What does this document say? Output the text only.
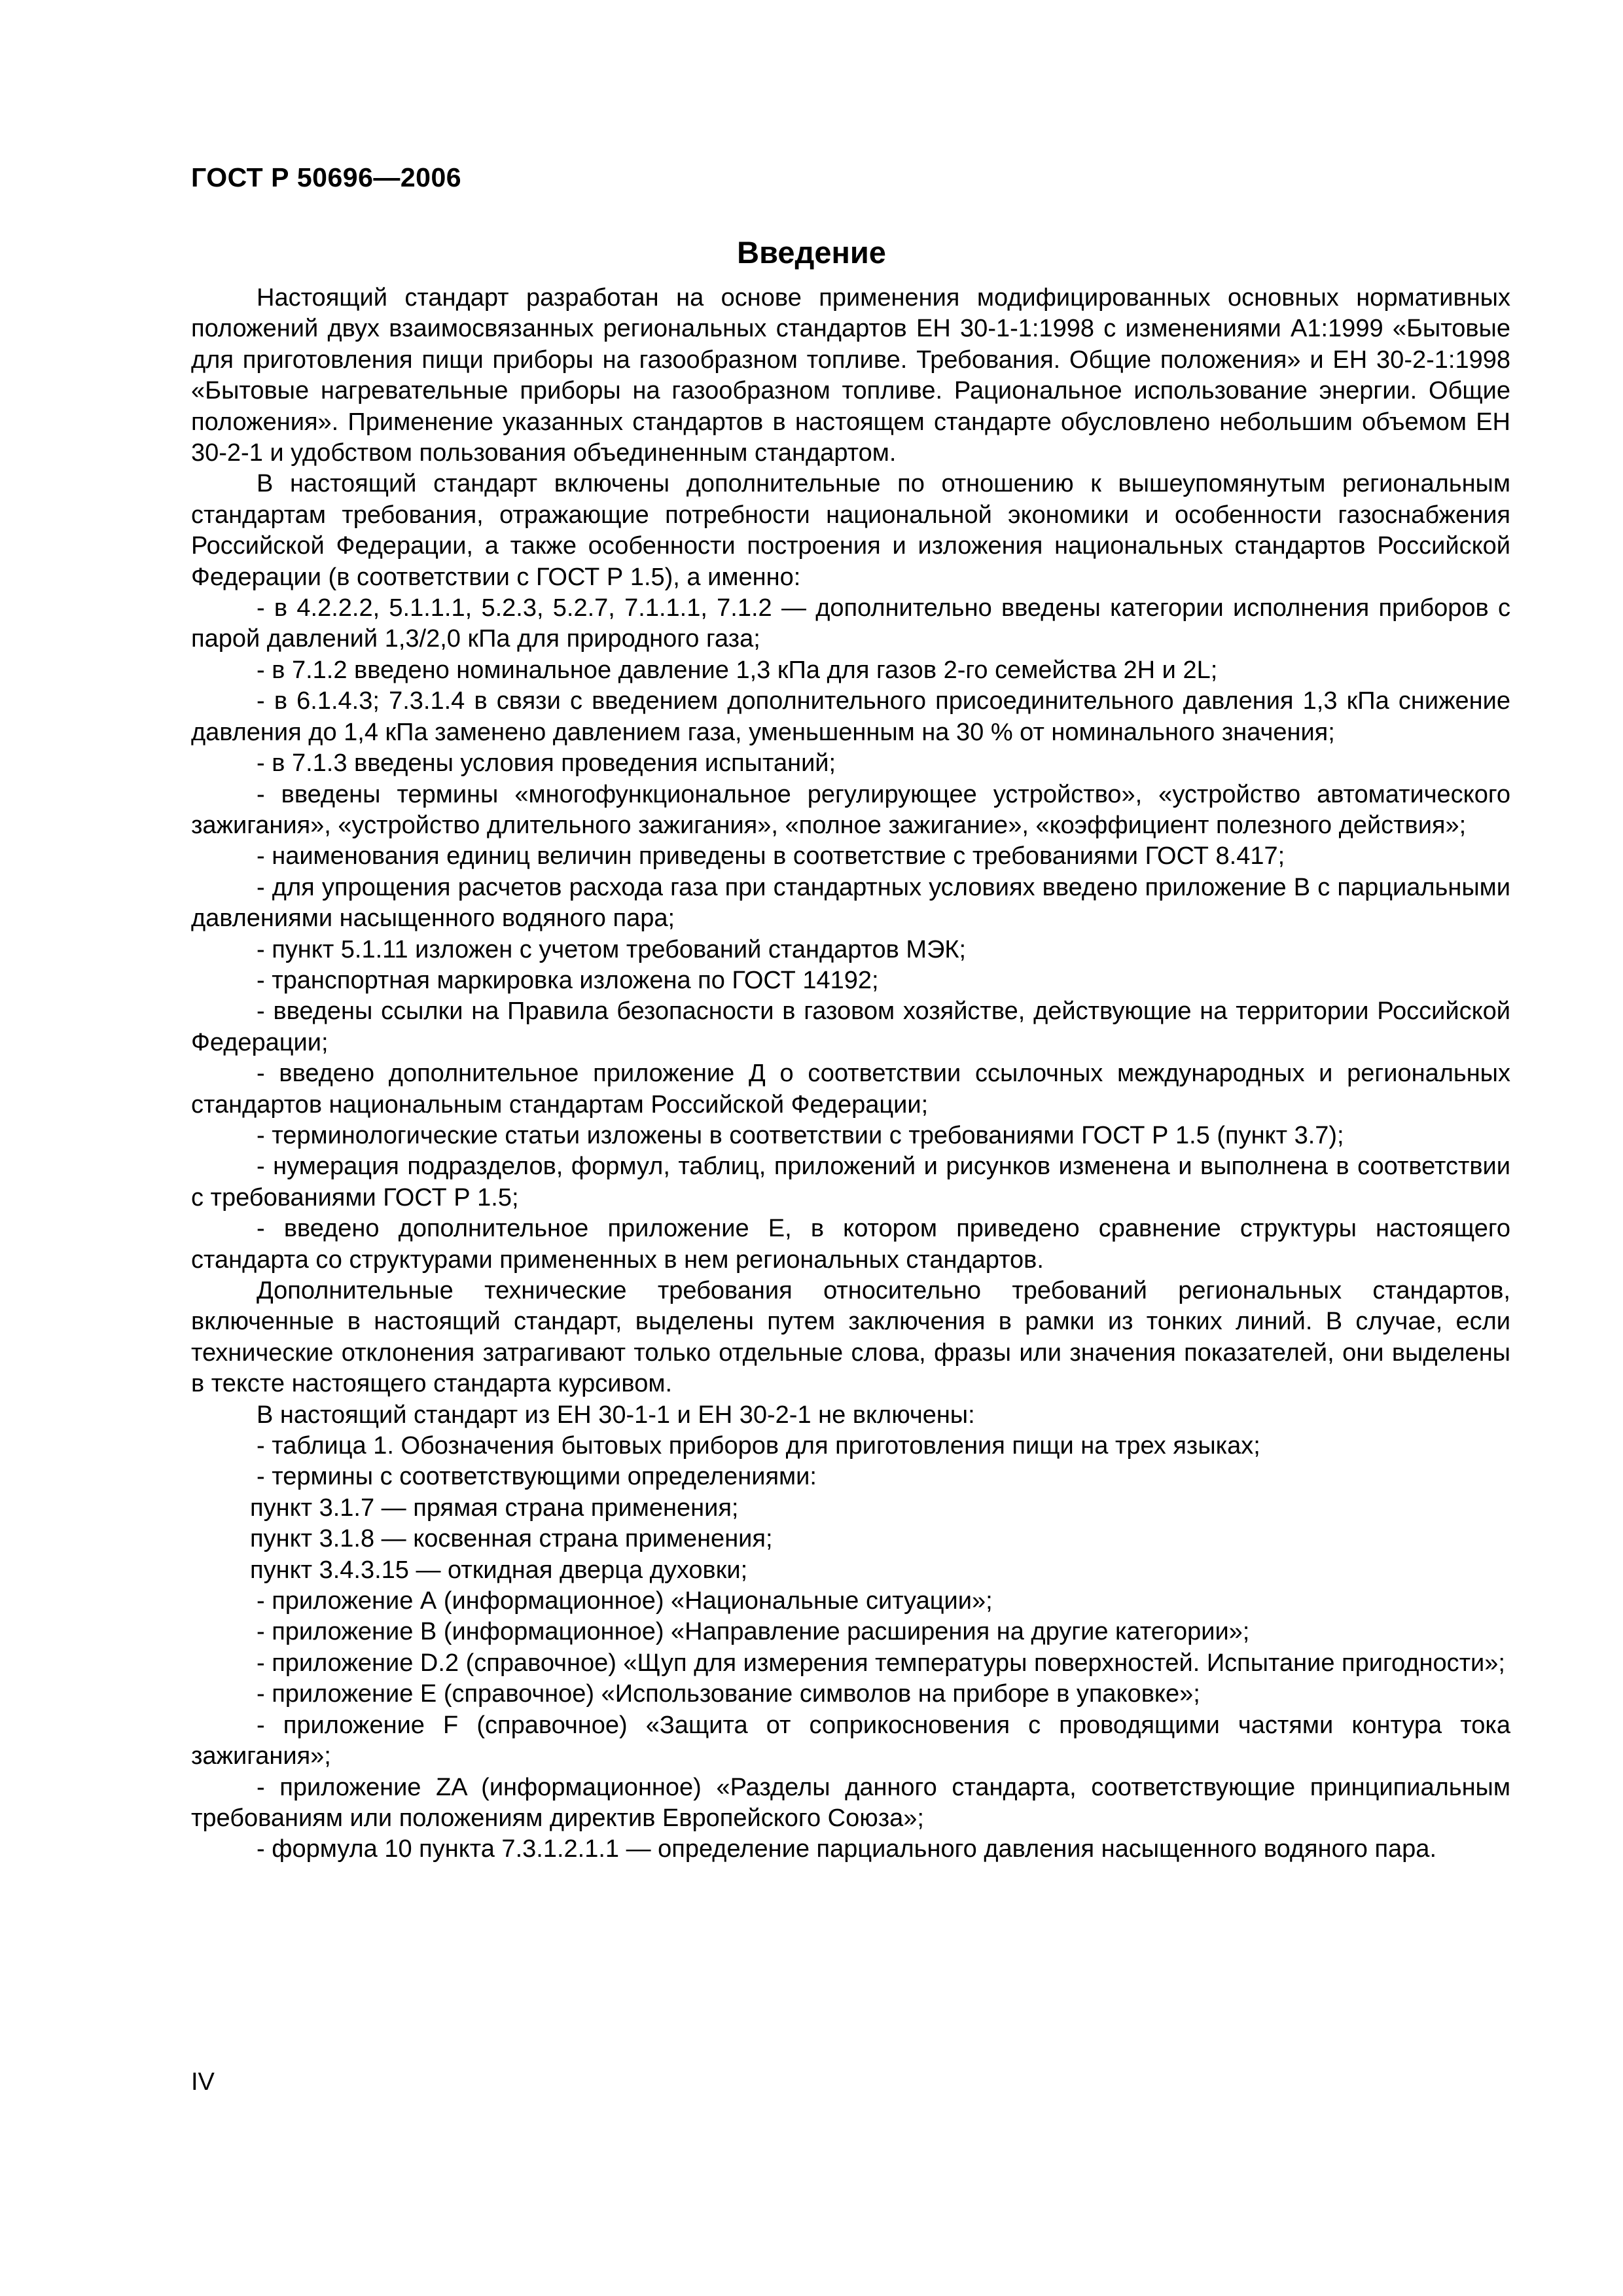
ГОСТ Р 50696—2006
Введение

Настоящий стандарт разработан на основе применения модифицированных основных нормативных положений двух взаимосвязанных региональных стандартов ЕН 30-1-1:1998 с изменениями А1:1999 «Бытовые для приготовления пищи приборы на газообразном топливе. Требования. Общие положения» и ЕН 30-2-1:1998 «Бытовые нагревательные приборы на газообразном топливе. Рациональное использование энергии. Общие положения». Применение указанных стандартов в настоящем стандарте обусловлено небольшим объемом ЕН 30-2-1 и удобством пользования объединенным стандартом.

В настоящий стандарт включены дополнительные по отношению к вышеупомянутым региональным стандартам требования, отражающие потребности национальной экономики и особенности газоснабжения Российской Федерации, а также особенности построения и изложения национальных стандартов Российской Федерации (в соответствии с ГОСТ Р 1.5), а именно:

- в 4.2.2.2, 5.1.1.1, 5.2.3, 5.2.7, 7.1.1.1, 7.1.2 — дополнительно введены категории исполнения приборов с парой давлений 1,3/2,0 кПа для природного газа;

- в 7.1.2 введено номинальное давление 1,3 кПа для газов 2-го семейства 2Н и 2L;

- в 6.1.4.3; 7.3.1.4 в связи с введением дополнительного присоединительного давления 1,3 кПа снижение давления до 1,4 кПа заменено давлением газа, уменьшенным на 30 % от номинального значения;

- в 7.1.3 введены условия проведения испытаний;

- введены термины «многофункциональное регулирующее устройство», «устройство автоматического зажигания», «устройство длительного зажигания», «полное зажигание», «коэффициент полезного действия»;

- наименования единиц величин приведены в соответствие с требованиями ГОСТ 8.417;

- для упрощения расчетов расхода газа при стандартных условиях введено приложение В с парциальными давлениями насыщенного водяного пара;

- пункт 5.1.11 изложен с учетом требований стандартов МЭК;

- транспортная маркировка изложена по ГОСТ 14192;

- введены ссылки на Правила безопасности в газовом хозяйстве, действующие на территории Российской Федерации;

- введено дополнительное приложение Д о соответствии ссылочных международных и региональных стандартов национальным стандартам Российской Федерации;

- терминологические статьи изложены в соответствии с требованиями ГОСТ Р 1.5 (пункт 3.7);

- нумерация подразделов, формул, таблиц, приложений и рисунков изменена и выполнена в соответствии с требованиями ГОСТ Р 1.5;

- введено дополнительное приложение Е, в котором приведено сравнение структуры настоящего стандарта со структурами примененных в нем региональных стандартов.

Дополнительные технические требования относительно требований региональных стандартов, включенные в настоящий стандарт, выделены путем заключения в рамки из тонких линий. В случае, если технические отклонения затрагивают только отдельные слова, фразы или значения показателей, они выделены в тексте настоящего стандарта курсивом.

В настоящий стандарт из ЕН 30-1-1 и ЕН 30-2-1 не включены:

- таблица 1. Обозначения бытовых приборов для приготовления пищи на трех языках;

- термины с соответствующими определениями:

пункт 3.1.7 — прямая страна применения;

пункт 3.1.8 — косвенная страна применения;

пункт 3.4.3.15 — откидная дверца духовки;

- приложение А (информационное) «Национальные ситуации»;

- приложение В (информационное) «Направление расширения на другие категории»;

- приложение D.2 (справочное) «Щуп для измерения температуры поверхностей. Испытание пригодности»;

- приложение Е (справочное) «Использование символов на приборе в упаковке»;

- приложение F (справочное) «Защита от соприкосновения с проводящими частями контура тока зажигания»;

- приложение ZA (информационное) «Разделы данного стандарта, соответствующие принципиальным требованиям или положениям директив Европейского Союза»;

- формула 10 пункта 7.3.1.2.1.1 — определение парциального давления насыщенного водяного пара.

IV
